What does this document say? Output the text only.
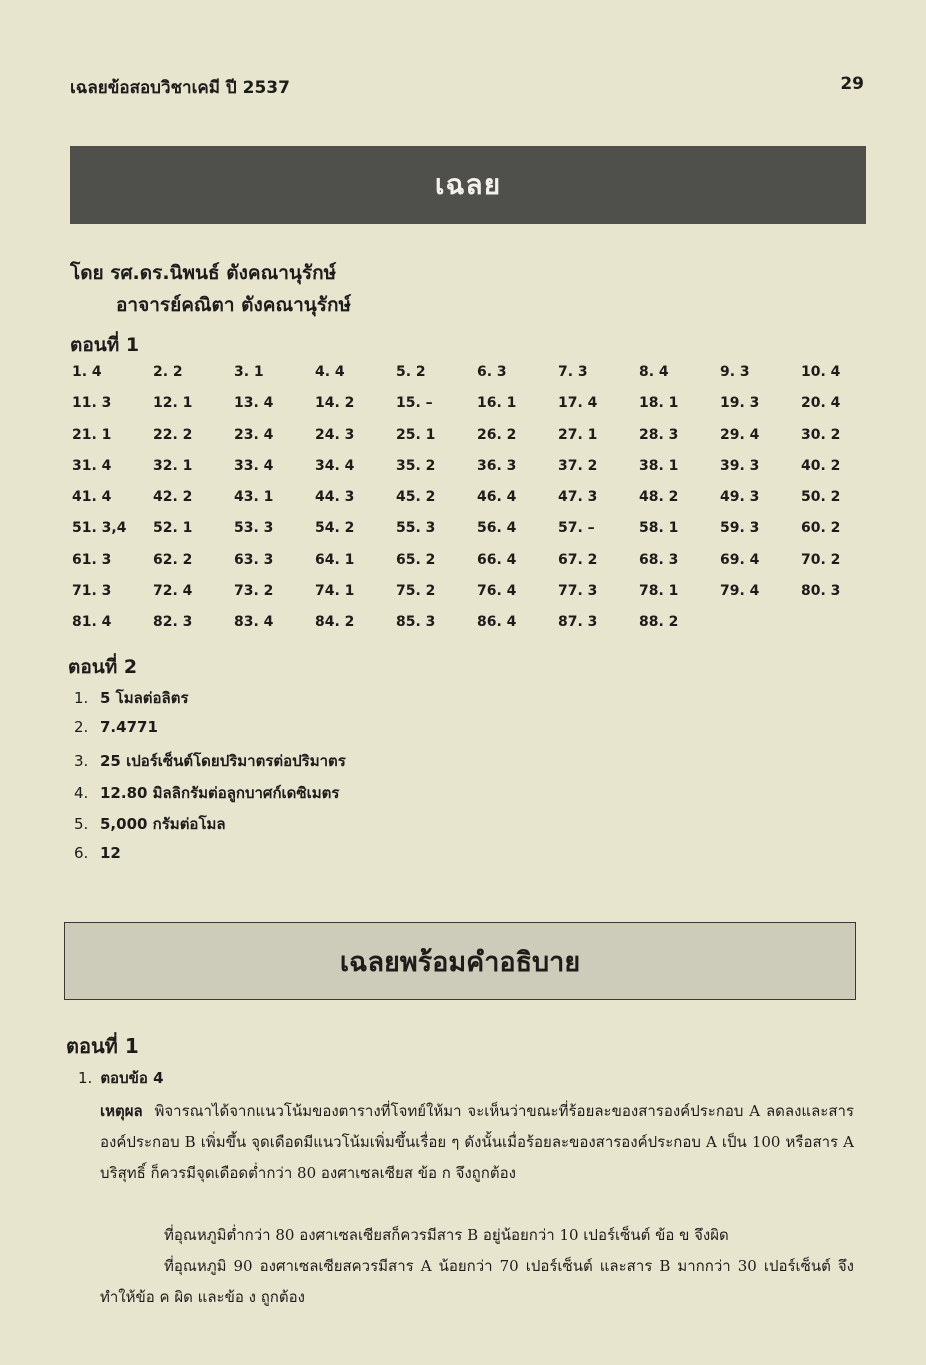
เฉลยข้อสอบวิชาเคมี ปี 2537	29
เฉลย
โดย รศ.ดร.นิพนธ์ ตังคณานุรักษ์
อาจารย์คณิตา ตังคณานุรักษ์
ตอนที่ 1
1. 4	2. 2	3. 1	4. 4	5. 2	6. 3	7. 3	8. 4	9. 3	10. 4
11. 3	12. 1	13. 4	14. 2	15. –	16. 1	17. 4	18. 1	19. 3	20. 4
21. 1	22. 2	23. 4	24. 3	25. 1	26. 2	27. 1	28. 3	29. 4	30. 2
31. 4	32. 1	33. 4	34. 4	35. 2	36. 3	37. 2	38. 1	39. 3	40. 2
41. 4	42. 2	43. 1	44. 3	45. 2	46. 4	47. 3	48. 2	49. 3	50. 2
51. 3,4	52. 1	53. 3	54. 2	55. 3	56. 4	57. –	58. 1	59. 3	60. 2
61. 3	62. 2	63. 3	64. 1	65. 2	66. 4	67. 2	68. 3	69. 4	70. 2
71. 3	72. 4	73. 2	74. 1	75. 2	76. 4	77. 3	78. 1	79. 4	80. 3
81. 4	82. 3	83. 4	84. 2	85. 3	86. 4	87. 3	88. 2
ตอนที่ 2
1. 5 โมลต่อลิตร
2. 7.4771
3. 25 เปอร์เซ็นต์โดยปริมาตรต่อปริมาตร
4. 12.80 มิลลิกรัมต่อลูกบาศก์เดซิเมตร
5. 5,000 กรัมต่อโมล
6. 12
เฉลยพร้อมคำอธิบาย
ตอนที่ 1
1. ตอบข้อ 4
เหตุผล พิจารณาได้จากแนวโน้มของตารางที่โจทย์ให้มา จะเห็นว่าขณะที่ร้อยละของสารองค์ประกอบ A ลดลงและสารองค์ประกอบ B เพิ่มขึ้น จุดเดือดมีแนวโน้มเพิ่มขึ้นเรื่อย ๆ ดังนั้นเมื่อร้อยละของสารองค์ประกอบ A เป็น 100 หรือสาร A บริสุทธิ์ ก็ควรมีจุดเดือดต่ำกว่า 80 องศาเซลเซียส ข้อ ก จึงถูกต้อง
ที่อุณหภูมิต่ำกว่า 80 องศาเซลเซียสก็ควรมีสาร B อยู่น้อยกว่า 10 เปอร์เซ็นต์ ข้อ ข จึงผิด
ที่อุณหภูมิ 90 องศาเซลเซียสควรมีสาร A น้อยกว่า 70 เปอร์เซ็นต์ และสาร B มากกว่า 30 เปอร์เซ็นต์ จึงทำให้ข้อ ค ผิด และข้อ ง ถูกต้อง
